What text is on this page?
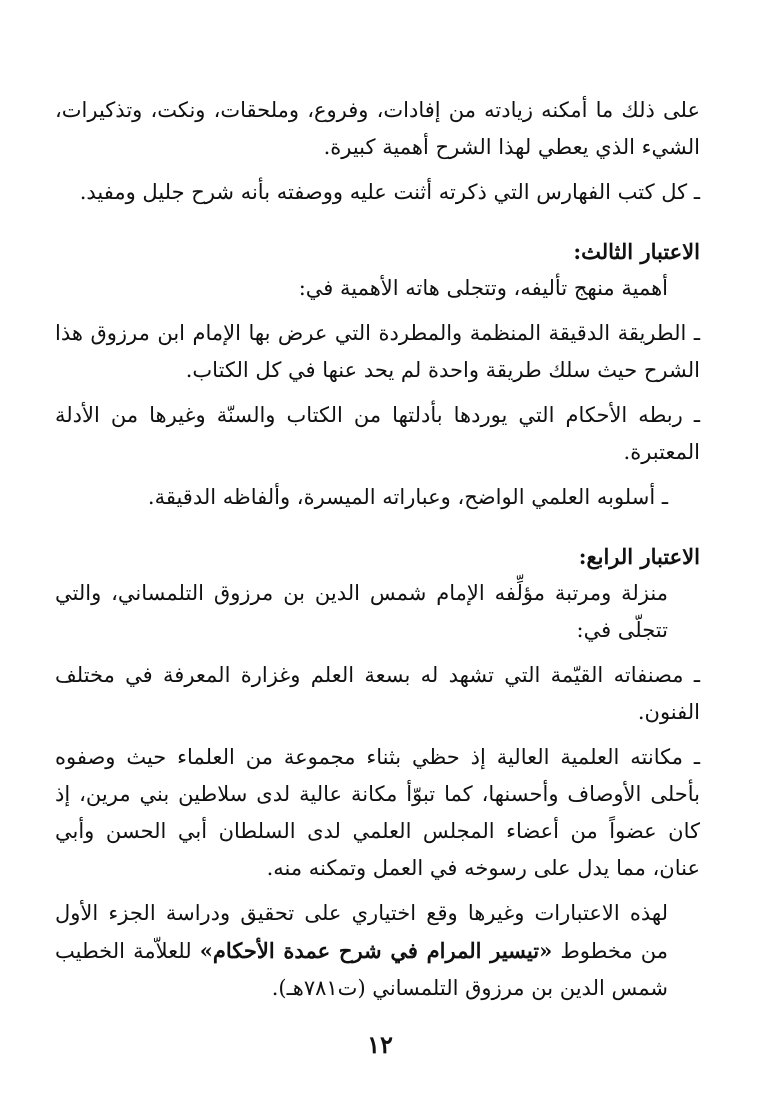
على ذلك ما أمكنه زيادته من إفادات، وفروع، وملحقات، ونكت، وتذكيرات، الشيء الذي يعطي لهذا الشرح أهمية كبيرة.

ـ كل كتب الفهارس التي ذكرته أثنت عليه ووصفته بأنه شرح جليل ومفيد.

الاعتبار الثالث:

أهمية منهج تأليفه، وتتجلى هاته الأهمية في:

ـ الطريقة الدقيقة المنظمة والمطردة التي عرض بها الإمام ابن مرزوق هذا الشرح حيث سلك طريقة واحدة لم يحد عنها في كل الكتاب.

ـ ربطه الأحكام التي يوردها بأدلتها من الكتاب والسنّة وغيرها من الأدلة المعتبرة.

ـ أسلوبه العلمي الواضح، وعباراته الميسرة، وألفاظه الدقيقة.

الاعتبار الرابع:

منزلة ومرتبة مؤلِّفه الإمام شمس الدين بن مرزوق التلمساني، والتي تتجلّى في:

ـ مصنفاته القيّمة التي تشهد له بسعة العلم وغزارة المعرفة في مختلف الفنون.

ـ مكانته العلمية العالية إذ حظي بثناء مجموعة من العلماء حيث وصفوه بأحلى الأوصاف وأحسنها، كما تبوّأ مكانة عالية لدى سلاطين بني مرين، إذ كان عضواً من أعضاء المجلس العلمي لدى السلطان أبي الحسن وأبي عنان، مما يدل على رسوخه في العمل وتمكنه منه.

لهذه الاعتبارات وغيرها وقع اختياري على تحقيق ودراسة الجزء الأول من مخطوط «تيسير المرام في شرح عمدة الأحكام» للعلاّمة الخطيب شمس الدين بن مرزوق التلمساني (ت٧٨١هـ).

١٢
